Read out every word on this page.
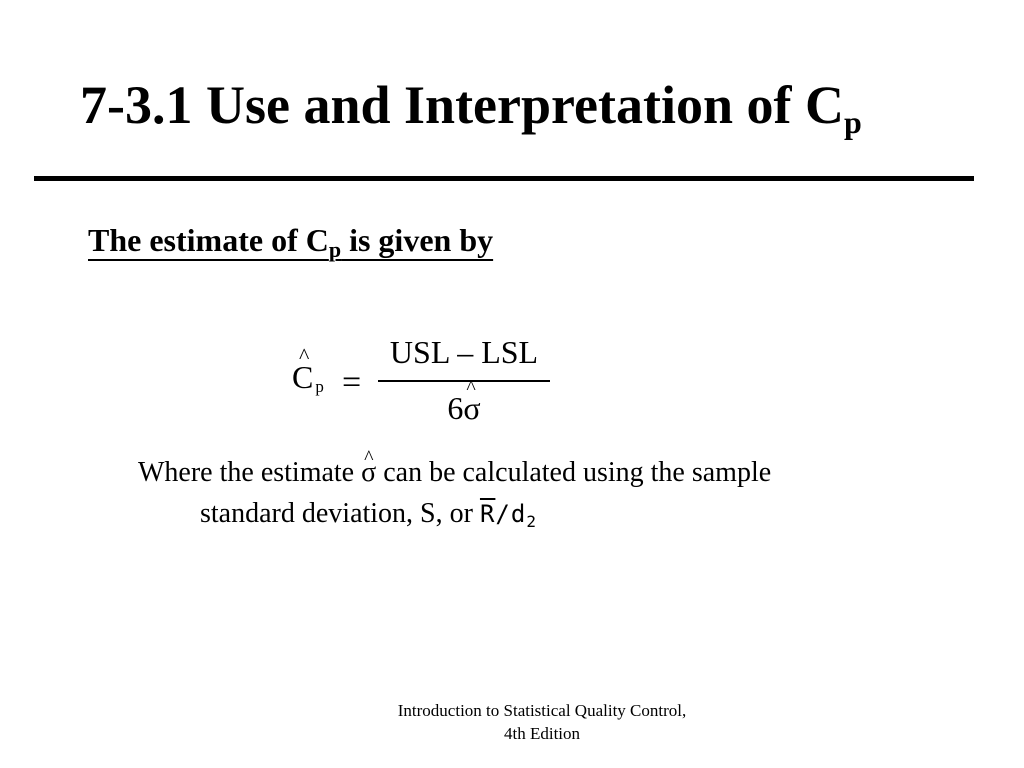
7-3.1 Use and Interpretation of $C_p$
The estimate of $C_p$ is given by
^ C $_p$ =
USL – LSL
6^ σ
Where the estimate ^ σ can be calculated using the sample
standard deviation, S, or $\overline{R}/d_2$
Introduction to Statistical Quality Control,
4th Edition
